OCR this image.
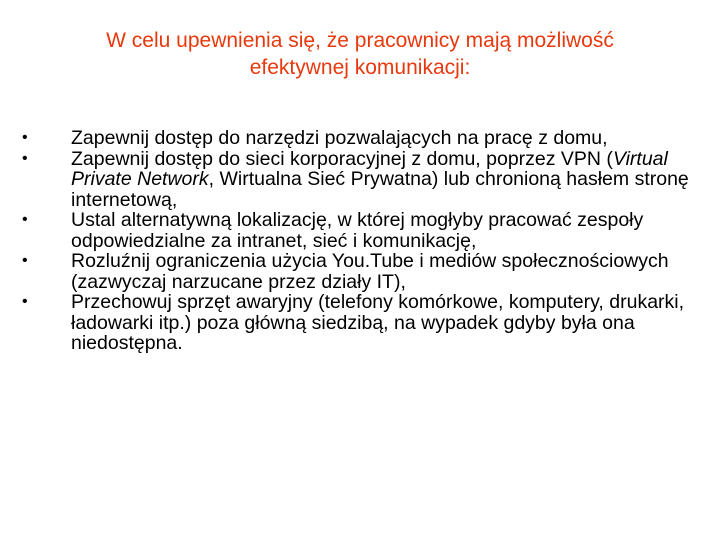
W celu upewnienia się, że pracownicy mają możliwość
efektywnej komunikacji:
• Zapewnij dostęp do narzędzi pozwalających na pracę z domu,
• Zapewnij dostęp do sieci korporacyjnej z domu, poprzez VPN (Virtual Private Network, Wirtualna Sieć Prywatna) lub chronioną hasłem stronę internetową,
• Ustal alternatywną lokalizację, w której mogłyby pracować zespoły odpowiedzialne za intranet, sieć i komunikację,
• Rozluźnij ograniczenia użycia You.Tube i mediów społecznościowych (zazwyczaj narzucane przez działy IT),
• Przechowuj sprzęt awaryjny (telefony komórkowe, komputery, drukarki, ładowarki itp.) poza główną siedzibą, na wypadek gdyby była ona niedostępna.
